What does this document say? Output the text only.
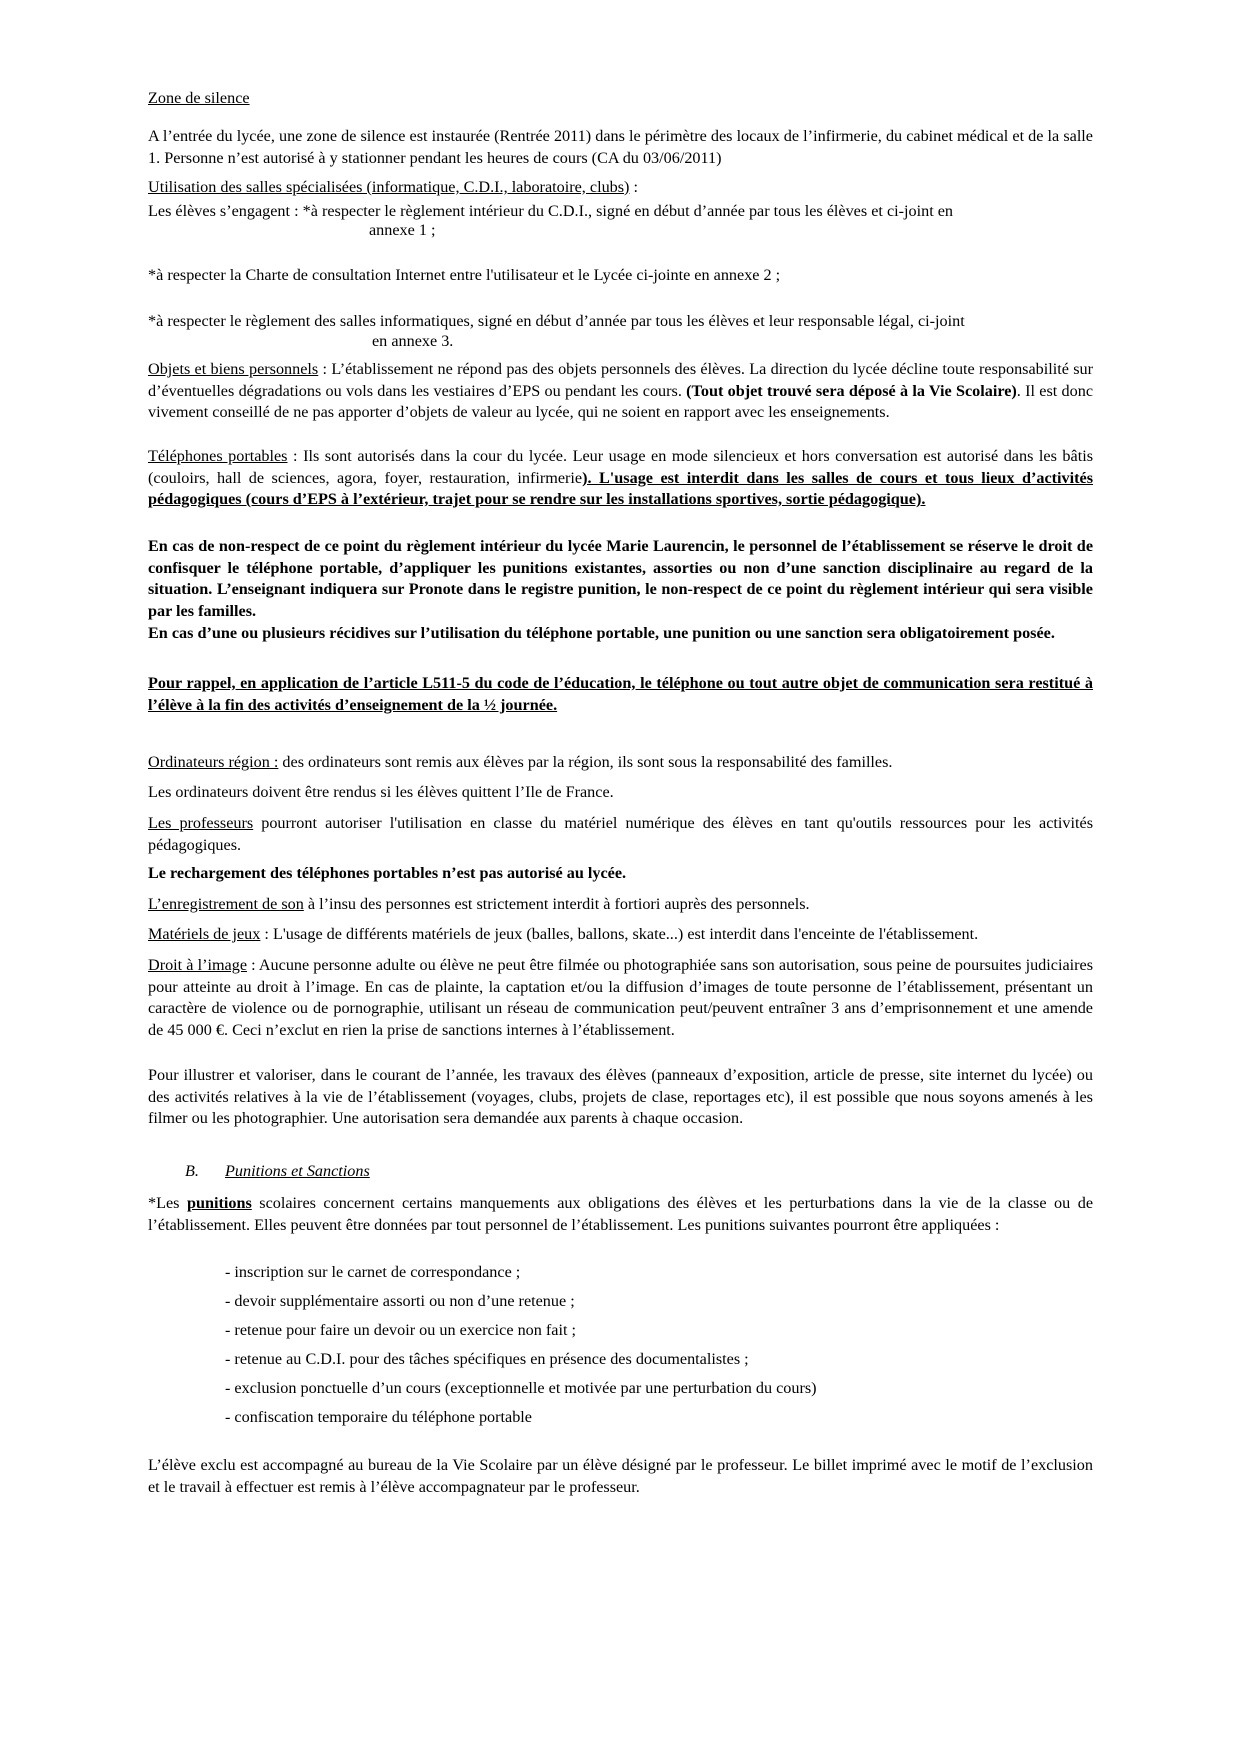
Zone de silence

A l’entrée du lycée, une zone de silence est instaurée (Rentrée 2011) dans le périmètre des locaux de l’infirmerie, du cabinet médical et de la salle 1. Personne n’est autorisé à y stationner pendant les heures de cours (CA du 03/06/2011)

Utilisation des salles spécialisées (informatique, C.D.I., laboratoire, clubs) :

Les élèves s’engagent : *à respecter le règlement intérieur du C.D.I., signé en début d’année par tous les élèves et ci-joint en

annexe 1 ;

*à respecter la Charte de consultation Internet entre l'utilisateur et le Lycée ci-jointe en annexe 2 ;

*à respecter le règlement des salles informatiques, signé en début d’année par tous les élèves et leur responsable légal, ci-joint

en annexe 3.

Objets et biens personnels : L’établissement ne répond pas des objets personnels des élèves. La direction du lycée décline toute responsabilité sur d’éventuelles dégradations ou vols dans les vestiaires d’EPS ou pendant les cours. (Tout objet trouvé sera déposé à la Vie Scolaire). Il est donc vivement conseillé de ne pas apporter d’objets de valeur au lycée, qui ne soient en rapport avec les enseignements.

Téléphones portables : Ils sont autorisés dans la cour du lycée. Leur usage en mode silencieux et hors conversation est autorisé dans les bâtis (couloirs, hall de sciences, agora, foyer, restauration, infirmerie). L'usage est interdit dans les salles de cours et tous lieux d’activités pédagogiques (cours d’EPS à l’extérieur, trajet pour se rendre sur les installations sportives, sortie pédagogique).

En cas de non-respect de ce point du règlement intérieur du lycée Marie Laurencin, le personnel de l’établissement se réserve le droit de confisquer le téléphone portable, d’appliquer les punitions existantes, assorties ou non d’une sanction disciplinaire au regard de la situation. L’enseignant indiquera sur Pronote dans le registre punition, le non-respect de ce point du règlement intérieur qui sera visible par les familles.

En cas d’une ou plusieurs récidives sur l’utilisation du téléphone portable, une punition ou une sanction sera obligatoirement posée.

Pour rappel, en application de l’article L511-5 du code de l’éducation, le téléphone ou tout autre objet de communication sera restitué à l’élève à la fin des activités d’enseignement de la ½ journée.

Ordinateurs région : des ordinateurs sont remis aux élèves par la région, ils sont sous la responsabilité des familles.

Les ordinateurs doivent être rendus si les élèves quittent l’Ile de France.

Les professeurs pourront autoriser l'utilisation en classe du matériel numérique des élèves en tant qu'outils ressources pour les activités pédagogiques.

Le rechargement des téléphones portables n’est pas autorisé au lycée.

L’enregistrement de son à l’insu des personnes est strictement interdit à fortiori auprès des personnels.

Matériels de jeux : L'usage de différents matériels de jeux (balles, ballons, skate...) est interdit dans l'enceinte de l'établissement.

Droit à l’image : Aucune personne adulte ou élève ne peut être filmée ou photographiée sans son autorisation, sous peine de poursuites judiciaires pour atteinte au droit à l’image. En cas de plainte, la captation et/ou la diffusion d’images de toute personne de l’établissement, présentant un caractère de violence ou de pornographie, utilisant un réseau de communication peut/peuvent entraîner 3 ans d’emprisonnement et une amende de 45 000 €. Ceci n’exclut en rien la prise de sanctions internes à l’établissement.

Pour illustrer et valoriser, dans le courant de l’année, les travaux des élèves (panneaux d’exposition, article de presse, site internet du lycée) ou des activités relatives à la vie de l’établissement (voyages, clubs, projets de clase, reportages etc), il est possible que nous soyons amenés à les filmer ou les photographier. Une autorisation sera demandée aux parents à chaque occasion.

B. Punitions et Sanctions

*Les punitions scolaires concernent certains manquements aux obligations des élèves et les perturbations dans la vie de la classe ou de l’établissement. Elles peuvent être données par tout personnel de l’établissement. Les punitions suivantes pourront être appliquées :

- inscription sur le carnet de correspondance ;

- devoir supplémentaire assorti ou non d’une retenue ;

- retenue pour faire un devoir ou un exercice non fait ;

- retenue au C.D.I. pour des tâches spécifiques en présence des documentalistes ;

- exclusion ponctuelle d’un cours (exceptionnelle et motivée par une perturbation du cours)

- confiscation temporaire du téléphone portable

L’élève exclu est accompagné au bureau de la Vie Scolaire par un élève désigné par le professeur. Le billet imprimé avec le motif de l’exclusion et le travail à effectuer est remis à l’élève accompagnateur par le professeur.
